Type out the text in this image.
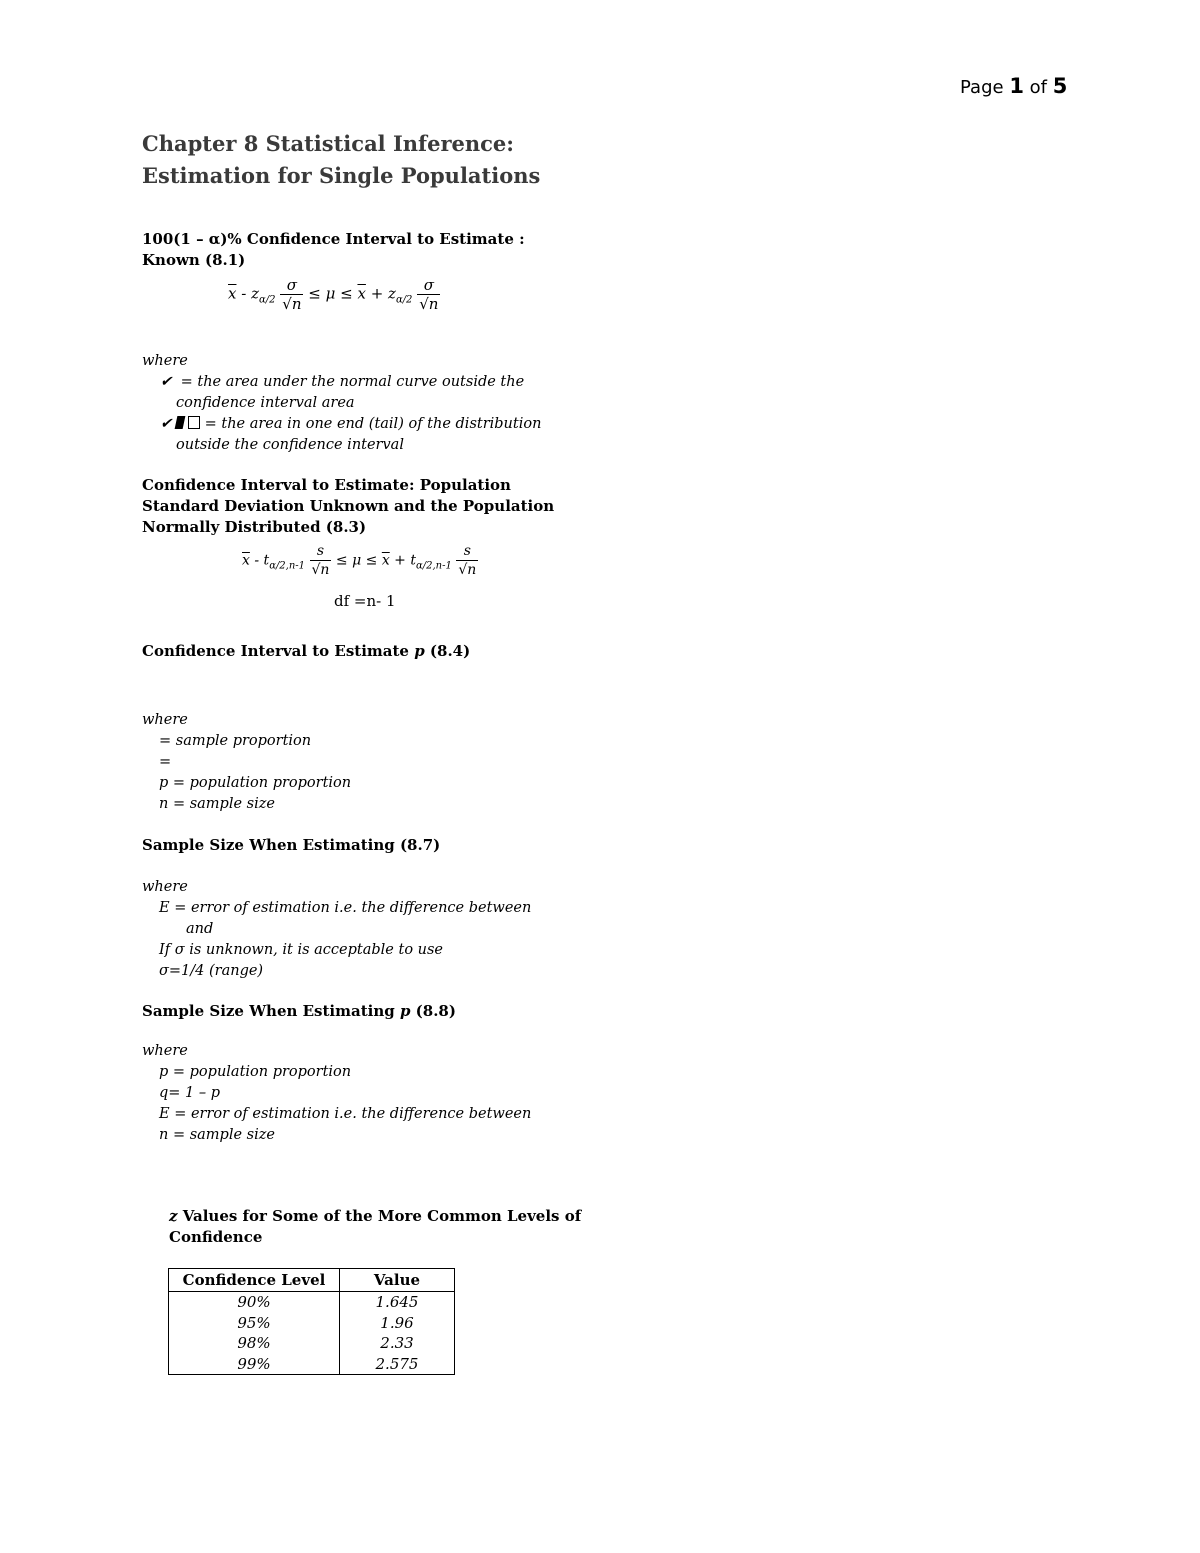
Page 1 of 5
Chapter 8 Statistical Inference:
Estimation for Single Populations
100(1 – α)% Confidence Interval to Estimate :
Known (8.1)
$\overline{x} - z_{\alpha/2} \frac{\sigma}{√n} \le \mu \le \overline{x} + z_{\alpha/2} \frac{\sigma}{√n}$
where
✔ = the area under the normal curve outside the
confidence interval area
✔ = the area in one end (tail) of the distribution
outside the confidence interval
Confidence Interval to Estimate: Population
Standard Deviation Unknown and the Population
Normally Distributed (8.3)
$\overline{x} - t_{\alpha/2,n-1} \frac{s}{√n} \le \mu \le \overline{x} + t_{\alpha/2,n-1} \frac{s}{√n}$
df =n- 1
Confidence Interval to Estimate p (8.4)
where
= sample proportion
=
p = population proportion
n = sample size
Sample Size When Estimating (8.7)
where
E = error of estimation i.e. the difference between
and
If σ is unknown, it is acceptable to use
σ=1/4 (range)
Sample Size When Estimating p (8.8)
where
p = population proportion
q= 1 – p
E = error of estimation i.e. the difference between
n = sample size
z Values for Some of the More Common Levels of
Confidence
Confidence Level	Value
90%	1.645
95%	1.96
98%	2.33
99%	2.575
